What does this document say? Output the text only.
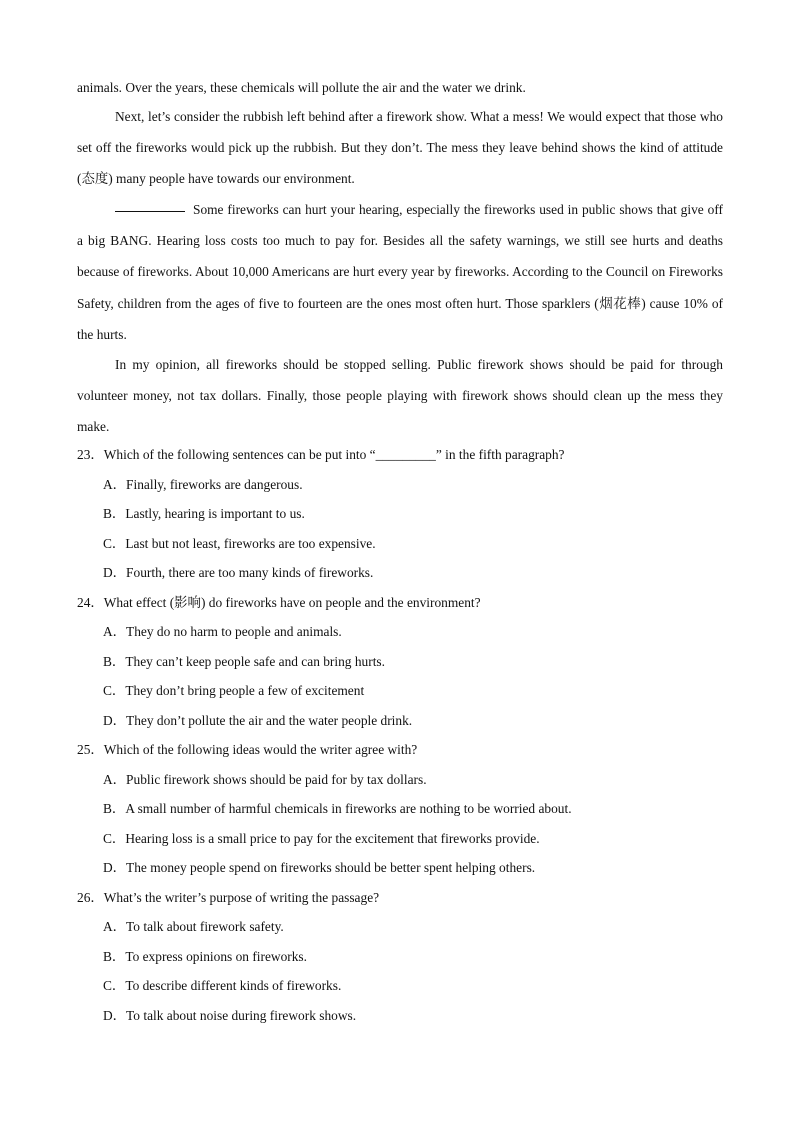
animals. Over the years, these chemicals will pollute the air and the water we drink.

Next, let’s consider the rubbish left behind after a firework show. What a mess! We would expect that those who set off the fireworks would pick up the rubbish. But they don’t. The mess they leave behind shows the kind of attitude (态度) many people have towards our environment.

Some fireworks can hurt your hearing, especially the fireworks used in public shows that give off a big BANG. Hearing loss costs too much to pay for. Besides all the safety warnings, we still see hurts and deaths because of fireworks. About 10,000 Americans are hurt every year by fireworks. According to the Council on Fireworks Safety, children from the ages of five to fourteen are the ones most often hurt. Those sparklers (烟花棒) cause 10% of the hurts.

In my opinion, all fireworks should be stopped selling. Public firework shows should be paid for through volunteer money, not tax dollars. Finally, those people playing with firework shows should clean up the mess they make.

23．Which of the following sentences can be put into “_________” in the fifth paragraph?
A．Finally, fireworks are dangerous.
B．Lastly, hearing is important to us.
C．Last but not least, fireworks are too expensive.
D．Fourth, there are too many kinds of fireworks.
24．What effect (影响) do fireworks have on people and the environment?
A．They do no harm to people and animals.
B．They can’t keep people safe and can bring hurts.
C．They don’t bring people a few of excitement
D．They don’t pollute the air and the water people drink.
25．Which of the following ideas would the writer agree with?
A．Public firework shows should be paid for by tax dollars.
B．A small number of harmful chemicals in fireworks are nothing to be worried about.
C．Hearing loss is a small price to pay for the excitement that fireworks provide.
D．The money people spend on fireworks should be better spent helping others.
26．What’s the writer’s purpose of writing the passage?
A．To talk about firework safety.
B．To express opinions on fireworks.
C．To describe different kinds of fireworks.
D．To talk about noise during firework shows.
